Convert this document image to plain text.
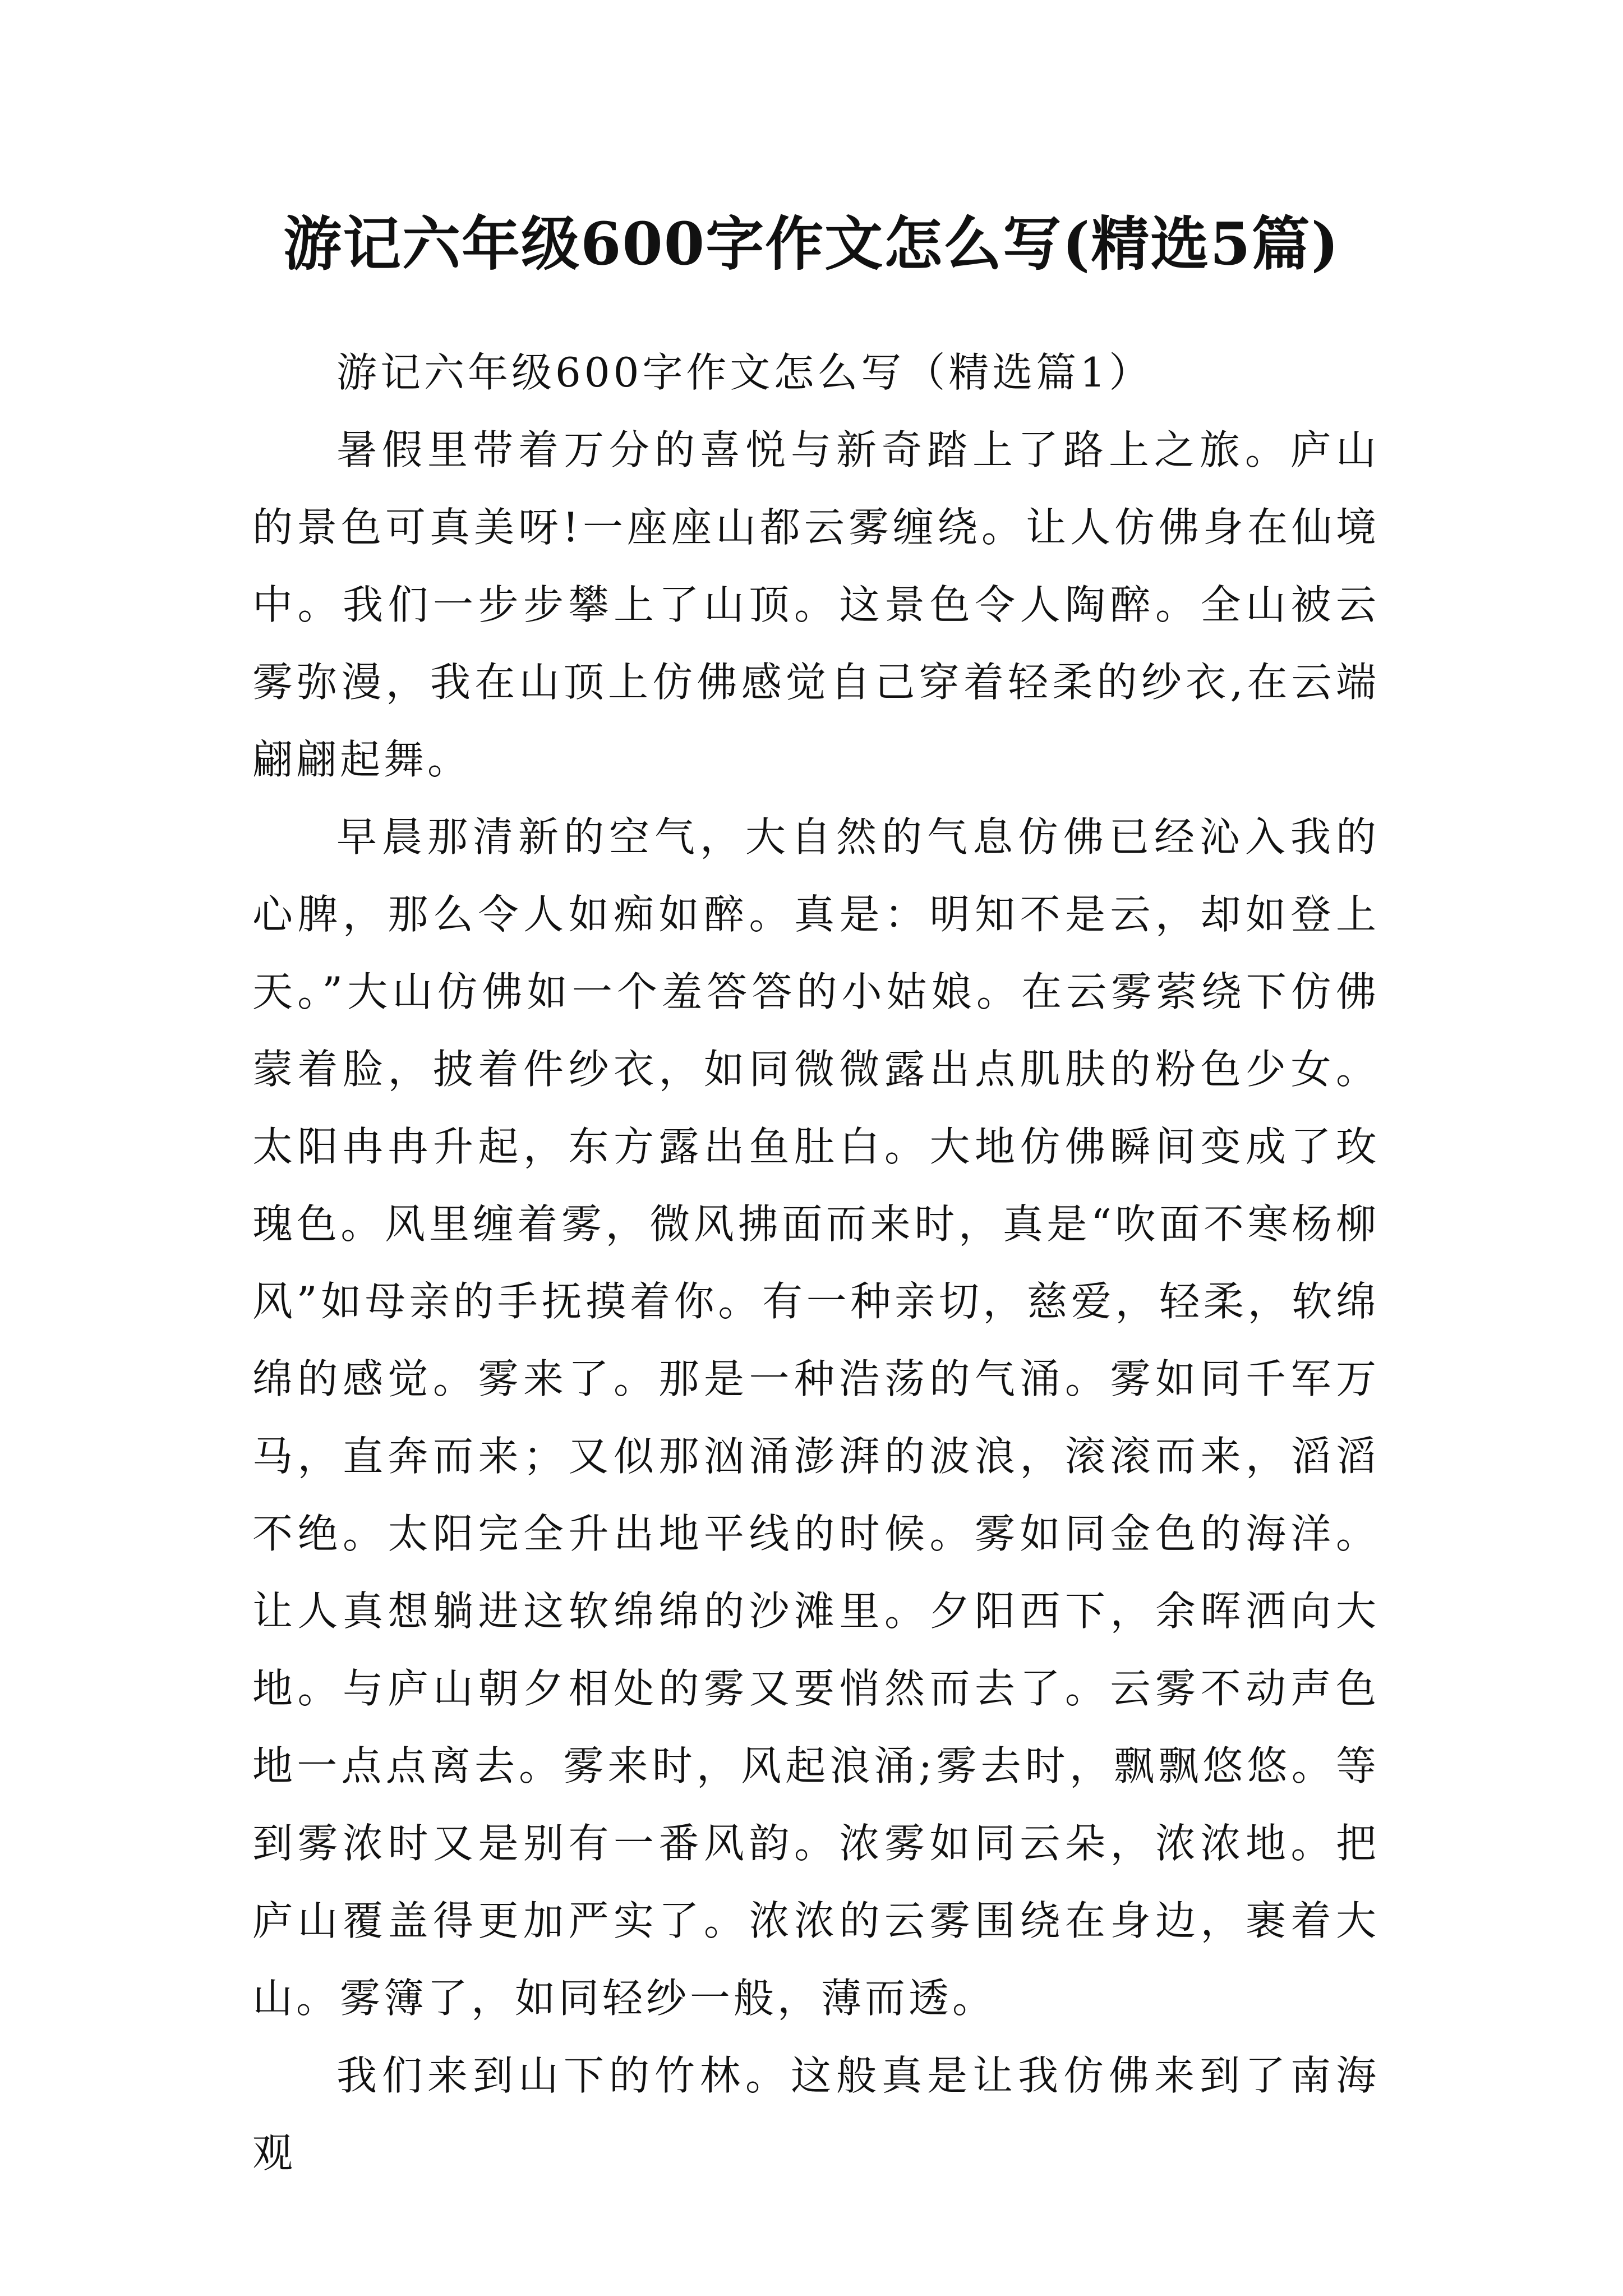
游记六年级600字作文怎么写(精选5篇)

游记六年级600字作文怎么写（精选篇1）

暑假里带着万分的喜悦与新奇踏上了路上之旅。庐山的景色可真美呀!一座座山都云雾缠绕。让人仿佛身在仙境中。我们一步步攀上了山顶。这景色令人陶醉。全山被云雾弥漫，我在山顶上仿佛感觉自己穿着轻柔的纱衣,在云端翩翩起舞。

早晨那清新的空气，大自然的气息仿佛已经沁入我的心脾，那么令人如痴如醉。真是：明知不是云，却如登上天。”大山仿佛如一个羞答答的小姑娘。在云雾萦绕下仿佛蒙着脸，披着件纱衣，如同微微露出点肌肤的粉色少女。太阳冉冉升起，东方露出鱼肚白。大地仿佛瞬间变成了玫瑰色。风里缠着雾，微风拂面而来时，真是“吹面不寒杨柳风”如母亲的手抚摸着你。有一种亲切，慈爱，轻柔，软绵绵的感觉。雾来了。那是一种浩荡的气涌。雾如同千军万马，直奔而来；又似那汹涌澎湃的波浪，滚滚而来，滔滔不绝。太阳完全升出地平线的时候。雾如同金色的海洋。让人真想躺进这软绵绵的沙滩里。夕阳西下，余晖洒向大地。与庐山朝夕相处的雾又要悄然而去了。云雾不动声色地一点点离去。雾来时，风起浪涌;雾去时，飘飘悠悠。等到雾浓时又是别有一番风韵。浓雾如同云朵，浓浓地。把庐山覆盖得更加严实了。浓浓的云雾围绕在身边，裹着大山。雾簿了，如同轻纱一般，薄而透。

我们来到山下的竹林。这般真是让我仿佛来到了南海观
